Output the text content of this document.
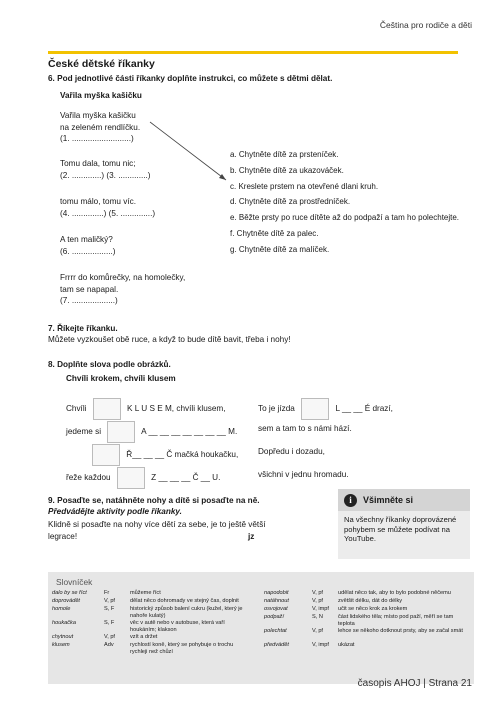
Čeština pro rodiče a děti
České dětské říkanky
6. Pod jednotlivé části říkanky doplňte instrukci, co můžete s dětmi dělat.
Vařila myška kašičku
Vařila myška kašičku
na zeleném rendlíčku.
(1. ..........................)
Tomu dala, tomu nic;
(2. .............) (3. .............)
tomu málo, tomu víc.
(4. ..............) (5. ..............)
A ten maličký?
(6. ..................)
Frrrr do komůrečky, na homolečky,
tam se napapal.
(7. ...................)
a. Chytněte dítě za prsteníček.
b. Chytněte dítě za ukazováček.
c. Kreslete prstem na otevřené dlani kruh.
d. Chytněte dítě za prostředníček.
e. Běžte prsty po ruce dítěte až do podpaží a tam ho polechtejte.
f. Chytněte dítě za palec.
g. Chytněte dítě za malíček.
7. Říkejte říkanku.
Můžete vyzkoušet obě ruce, a když to bude dítě bavit, třeba i nohy!
8. Doplňte slova podle obrázků.
Chvíli krokem, chvíli klusem
Chvíli	K L U S E M, chvíli klusem,
jedeme si	A __ __ __ __ __ __ __ M.
Ř__ __ __ Č mačká houkačku,
řeže každou	Z __ __ __ Č __ U.
To je jízda	L __ __ É drazí,
sem a tam to s námi hází.
Dopředu i dozadu,
všichni v jednu hromadu.
9. Posaďte se, natáhněte nohy a dítě si posaďte na ně.
Předvádějte aktivity podle říkanky.
Klidně si posaďte na nohy více dětí za sebe, je to ještě větší legrace!	jz
i	Všimněte si
Na všechny říkanky doprovázené pohybem se můžete podívat na YouTube.
Slovníček
dalo by se říct	Fr	můžeme říct
doprovádět	V, pf	dělat něco dohromady ve stejný čas, doplnit
homole	S, F	historický způsob balení cukru (kužel, který je nahoře kulatý)
houkačka	S, F	věc v autě nebo v autobuse, která vaří houkáním; klakson
chytnout	V, pf	vzít a držet
klusem	Adv	rychlostí koně, který se pohybuje o trochu rychleji než chůzí
napodobit	V, pf	udělat něco tak, aby to bylo podobné něčemu
natáhnout	V, pf	zvětšit délku, dát do délky
osvojovat	V, impf	učit se něco krok za krokem
podpaží	S, N	část lidského těla; místo pod paží, měří se tam teplota
polechtat	V, pf	lehce se někoho dotknout prsty, aby se začal smát
předvádět	V, impf	ukázat
časopis AHOJ | Strana 21
